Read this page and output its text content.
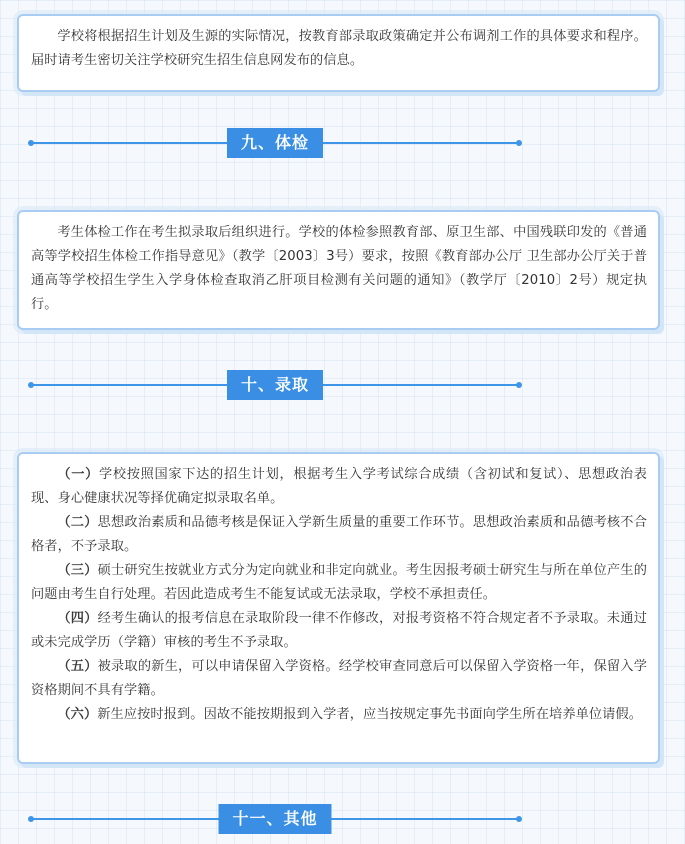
学校将根据招生计划及生源的实际情况，按教育部录取政策确定并公布调剂工作的具体要求和程序。届时请考生密切关注学校研究生招生信息网发布的信息。

九、体检

考生体检工作在考生拟录取后组织进行。学校的体检参照教育部、原卫生部、中国残联印发的《普通高等学校招生体检工作指导意见》（教学〔2003〕3号）要求，按照《教育部办公厅 卫生部办公厅关于普通高等学校招生学生入学身体检查取消乙肝项目检测有关问题的通知》（教学厅〔2010〕2号）规定执行。

十、录取

（一）学校按照国家下达的招生计划，根据考生入学考试综合成绩（含初试和复试）、思想政治表现、身心健康状况等择优确定拟录取名单。

（二）思想政治素质和品德考核是保证入学新生质量的重要工作环节。思想政治素质和品德考核不合格者，不予录取。

（三）硕士研究生按就业方式分为定向就业和非定向就业。考生因报考硕士研究生与所在单位产生的问题由考生自行处理。若因此造成考生不能复试或无法录取，学校不承担责任。

（四）经考生确认的报考信息在录取阶段一律不作修改，对报考资格不符合规定者不予录取。未通过或未完成学历（学籍）审核的考生不予录取。

（五）被录取的新生，可以申请保留入学资格。经学校审查同意后可以保留入学资格一年，保留入学资格期间不具有学籍。

（六）新生应按时报到。因故不能按期报到入学者，应当按规定事先书面向学生所在培养单位请假。

十一、其他
